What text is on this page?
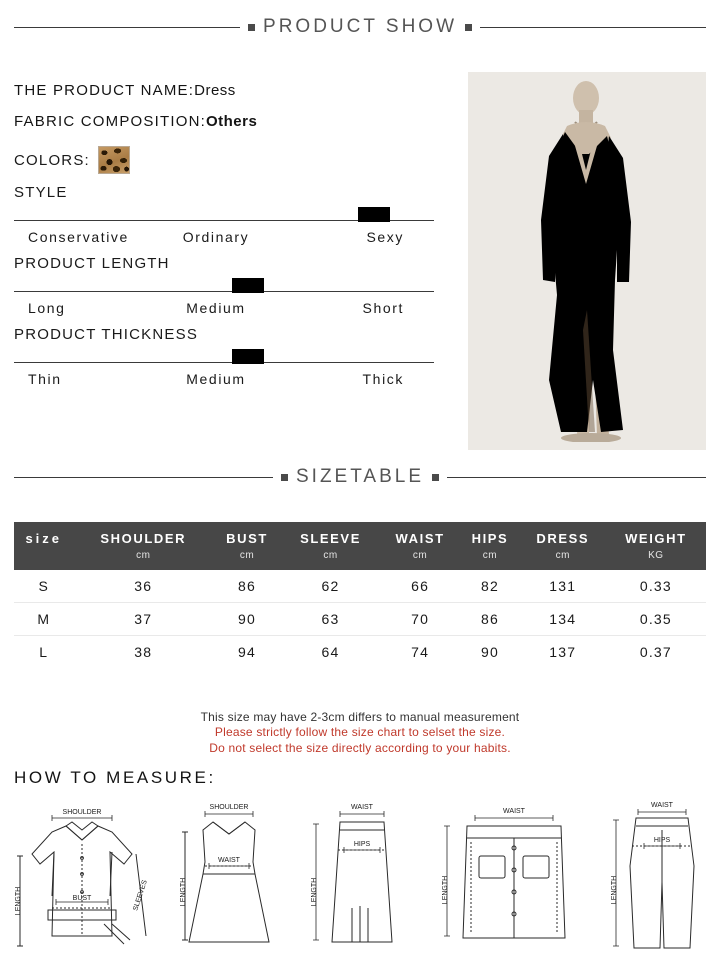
PRODUCT SHOW
THE PRODUCT NAME:Dress
FABRIC COMPOSITION:Others
COLORS:
STYLE
Conservative	Ordinary	Sexy
PRODUCT LENGTH
Long	Medium	Short
PRODUCT THICKNESS
Thin	Medium	Thick
SIZETABLE
size	SHOULDER	BUST	SLEEVE	WAIST	HIPS	DRESS	WEIGHT
	cm	cm	cm	cm	cm	cm	KG
S	36	86	62	66	82	131	0.33
M	37	90	63	70	86	134	0.35
L	38	94	64	74	90	137	0.37
This size may have 2-3cm differs to manual measurement
Please strictly follow the size chart to selset the size.
Do not select the size directly according to your habits.
HOW TO MEASURE:
SHOULDER
BUST
LENGTH	SLEEVES
SHOULDER
WAIST
LENGTH
WAIST
HIPS
LENGTH
WAIST
LENGTH
WAIST
HIPS
LENGTH
